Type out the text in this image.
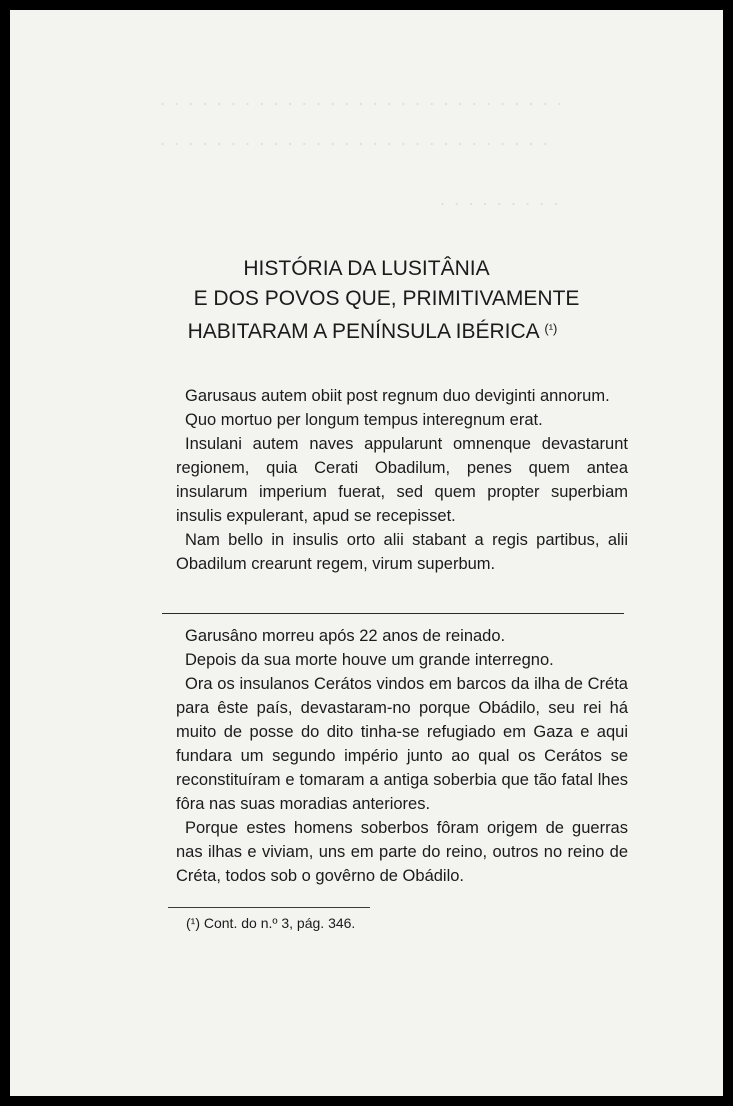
. . . . . . . . . . . . . . . . . . . . . . . . . . . . .
. . . . . . . . . . . . . . . . . . . . . . . . . . . .
. . . . . . . . .
HISTÓRIA DA LUSITÂNIA
E DOS POVOS QUE, PRIMITIVAMENTE
HABITARAM A PENÍNSULA IBÉRICA $^{(^1)}$

Garusaus autem obiit post regnum duo deviginti annorum.

Quo mortuo per longum tempus interegnum erat.

Insulani autem naves appularunt omnenque devastarunt regionem, quia Cerati Obadilum, penes quem antea insularum imperium fuerat, sed quem propter superbiam insulis expulerant, apud se recepisset.

Nam bello in insulis orto alii stabant a regis partibus, alii Obadilum crearunt regem, virum superbum.

Garusâno morreu após 22 anos de reinado.

Depois da sua morte houve um grande interregno.

Ora os insulanos Cerátos vindos em barcos da ilha de Créta para êste país, devastaram-no porque Obádilo, seu rei há muito de posse do dito tinha-se refugiado em Gaza e aqui fundara um segundo império junto ao qual os Cerátos se reconstituíram e tomaram a antiga soberbia que tão fatal lhes fôra nas suas moradias anteriores.

Porque estes homens soberbos fôram origem de guerras nas ilhas e viviam, uns em parte do reino, outros no reino de Créta, todos sob o govêrno de Obádilo.

(¹) Cont. do n.º 3, pág. 346.
